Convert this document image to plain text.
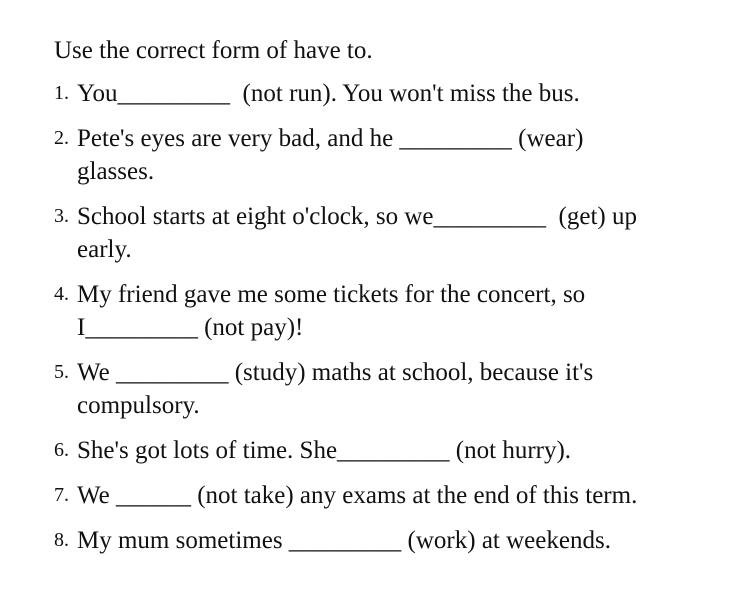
Use the correct form of have to.

1. You_________  (not run). You won't miss the bus.
2. Pete's eyes are very bad, and he _________ (wear)
glasses.
3. School starts at eight o'clock, so we_________  (get) up
early.
4. My friend gave me some tickets for the concert, so
I_________ (not pay)!
5. We _________ (study) maths at school, because it's
compulsory.
6. She's got lots of time. She_________ (not hurry).
7. We ______ (not take) any exams at the end of this term.
8. My mum sometimes _________ (work) at weekends.
